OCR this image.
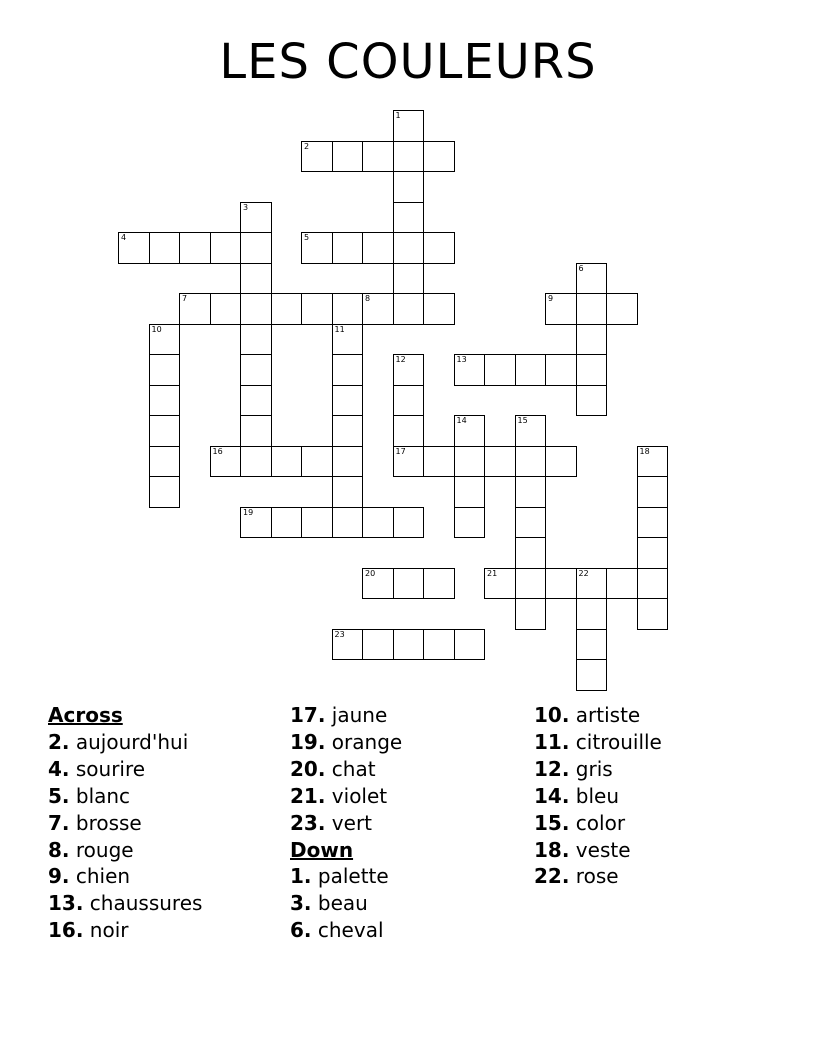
LES COULEURS
1
2
3
4	5
6
7	8	9
10	11
12
17
13
14	15
16	18
19
20	21	22
23
Across
2. aujourd'hui
4. sourire
5. blanc
7. brosse
8. rouge
9. chien
13. chaussures
16. noir
17. jaune
19. orange
20. chat
21. violet
23. vert
Down
1. palette
3. beau
6. cheval
10. artiste
11. citrouille
12. gris
14. bleu
15. color
18. veste
22. rose
